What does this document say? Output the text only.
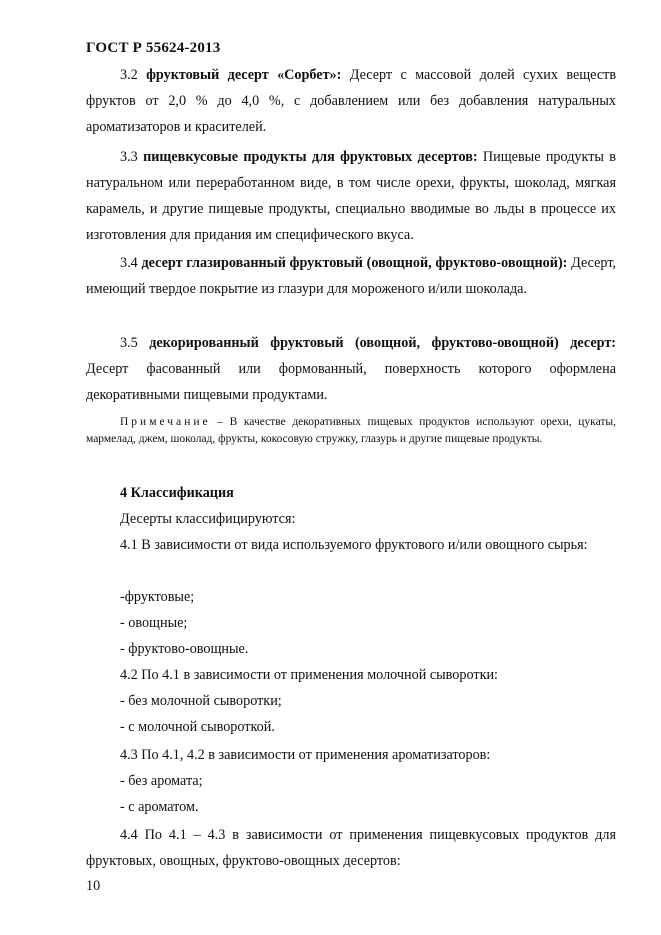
ГОСТ Р 55624-2013

3.2 фруктовый десерт «Сорбет»: Десерт с массовой долей сухих веществ фруктов от 2,0 % до 4,0 %, с добавлением или без добавления натуральных ароматизаторов и красителей.

3.3 пищевкусовые продукты для фруктовых десертов: Пищевые продукты в натуральном или переработанном виде, в том числе орехи, фрукты, шоколад, мягкая карамель, и другие пищевые продукты, специально вводимые во льды в процессе их изготовления для придания им специфического вкуса.

3.4 десерт глазированный фруктовый (овощной, фруктово-овощной): Десерт, имеющий твердое покрытие из глазури для мороженого и/или шоколада.

3.5 декорированный фруктовый (овощной, фруктово-овощной) десерт: Десерт фасованный или формованный, поверхность которого оформлена декоративными пищевыми продуктами.

Примечание – В качестве декоративных пищевых продуктов используют орехи, цукаты, мармелад, джем, шоколад, фрукты, кокосовую стружку, глазурь и другие пищевые продукты.

4 Классификация
Десерты классифицируются:

4.1 В зависимости от вида используемого фруктового и/или овощного сырья:

-фруктовые;
- овощные;
- фруктово-овощные.
4.2 По 4.1 в зависимости от применения молочной сыворотки:
- без молочной сыворотки;
- с молочной сывороткой.
4.3 По 4.1, 4.2 в зависимости от применения ароматизаторов:
- без аромата;
- с ароматом.

4.4 По 4.1 – 4.3 в зависимости от применения пищевкусовых продуктов для фруктовых, овощных, фруктово-овощных десертов:

10
